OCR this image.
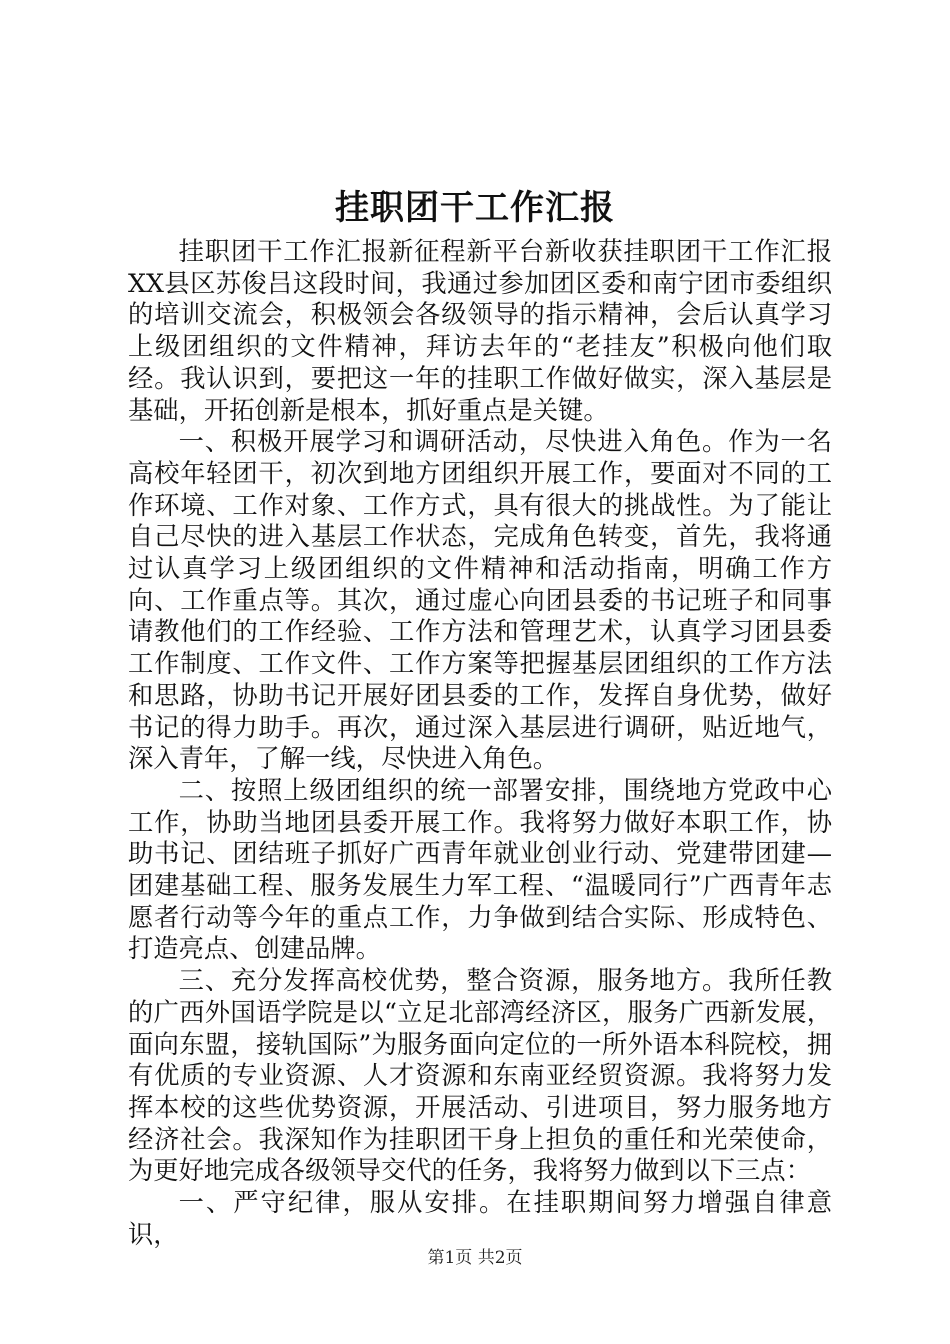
挂职团干工作汇报

挂职团干工作汇报新征程新平台新收获挂职团干工作汇报XX县区苏俊吕这段时间，我通过参加团区委和南宁团市委组织的培训交流会，积极领会各级领导的指示精神，会后认真学习上级团组织的文件精神，拜访去年的“老挂友”积极向他们取经。我认识到，要把这一年的挂职工作做好做实，深入基层是基础，开拓创新是根本，抓好重点是关键。

一、积极开展学习和调研活动，尽快进入角色。作为一名高校年轻团干，初次到地方团组织开展工作，要面对不同的工作环境、工作对象、工作方式，具有很大的挑战性。为了能让自己尽快的进入基层工作状态，完成角色转变，首先，我将通过认真学习上级团组织的文件精神和活动指南，明确工作方向、工作重点等。其次，通过虚心向团县委的书记班子和同事请教他们的工作经验、工作方法和管理艺术，认真学习团县委工作制度、工作文件、工作方案等把握基层团组织的工作方法和思路，协助书记开展好团县委的工作，发挥自身优势，做好书记的得力助手。再次，通过深入基层进行调研，贴近地气，深入青年，了解一线，尽快进入角色。

二、按照上级团组织的统一部署安排，围绕地方党政中心工作，协助当地团县委开展工作。我将努力做好本职工作，协助书记、团结班子抓好广西青年就业创业行动、党建带团建—团建基础工程、服务发展生力军工程、“温暖同行”广西青年志愿者行动等今年的重点工作，力争做到结合实际、形成特色、打造亮点、创建品牌。

三、充分发挥高校优势，整合资源，服务地方。我所任教的广西外国语学院是以“立足北部湾经济区，服务广西新发展，面向东盟，接轨国际”为服务面向定位的一所外语本科院校，拥有优质的专业资源、人才资源和东南亚经贸资源。我将努力发挥本校的这些优势资源，开展活动、引进项目，努力服务地方经济社会。我深知作为挂职团干身上担负的重任和光荣使命，为更好地完成各级领导交代的任务，我将努力做到以下三点：

一、严守纪律，服从安排。在挂职期间努力增强自律意识，

第1页 共2页
